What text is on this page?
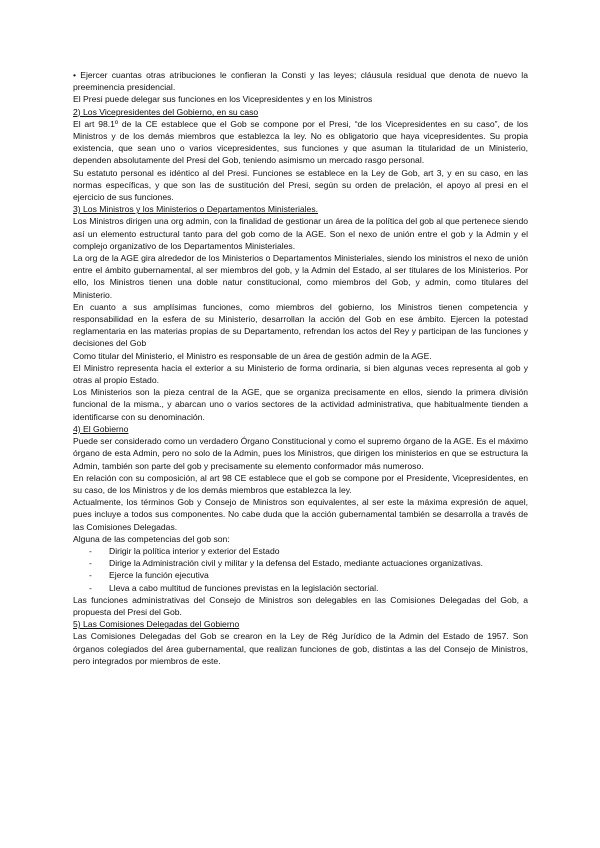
• Ejercer cuantas otras atribuciones le confieran la Consti y las leyes; cláusula residual que denota de nuevo la preeminencia presidencial.

El Presi puede delegar sus funciones en los Vicepresidentes y en los Ministros

2) Los Vicepresidentes del Gobierno, en su caso

El art 98.1º de la CE establece que el Gob se compone por el Presi, “de los Vicepresidentes en su caso”, de los Ministros y de los demás miembros que establezca la ley. No es obligatorio que haya vicepresidentes. Su propia existencia, que sean uno o varios vicepresidentes, sus funciones y que asuman la titularidad de un Ministerio, dependen absolutamente del Presi del Gob, teniendo asimismo un mercado rasgo personal.

Su estatuto personal es idéntico al del Presi. Funciones se establece en la Ley de Gob, art 3, y en su caso, en las normas específicas, y que son las de sustitución del Presi, según su orden de prelación, el apoyo al presi en el ejercicio de sus funciones.

3) Los Ministros y los Ministerios o Departamentos Ministeriales.

Los Ministros dirigen una org admin, con la finalidad de gestionar un área de la política del gob al que pertenece siendo así un elemento estructural tanto para del gob como de la AGE. Son el nexo de unión entre el gob y la Admin y el complejo organizativo de los Departamentos Ministeriales.

La org de la AGE gira alrededor de los Ministerios o Departamentos Ministeriales, siendo los ministros el nexo de unión entre el ámbito gubernamental, al ser miembros del gob, y la Admin del Estado, al ser titulares de los Ministerios. Por ello, los Ministros tienen una doble natur constitucional, como miembros del Gob, y admin, como titulares del Ministerio.

En cuanto a sus amplísimas funciones, como miembros del gobierno, los Ministros tienen competencia y responsabilidad en la esfera de su Ministerio, desarrollan la acción del Gob en ese ámbito. Ejercen la potestad reglamentaria en las materias propias de su Departamento, refrendan los actos del Rey y participan de las funciones y decisiones del Gob

Como titular del Ministerio, el Ministro es responsable de un área de gestión admin de la AGE.

El Ministro representa hacia el exterior a su Ministerio de forma ordinaria, si bien algunas veces representa al gob y otras al propio Estado.

Los Ministerios son la pieza central de la AGE, que se organiza precisamente en ellos, siendo la primera división funcional de la misma., y abarcan uno o varios sectores de la actividad administrativa, que habitualmente tienden a identificarse con su denominación.

4) El Gobierno

Puede ser considerado como un verdadero Órgano Constitucional y como el supremo órgano de la AGE. Es el máximo órgano de esta Admin, pero no solo de la Admin, pues los Ministros, que dirigen los ministerios en que se estructura la Admin, también son parte del gob y precisamente su elemento conformador más numeroso.

En relación con su composición, al art 98 CE establece que el gob se compone por el Presidente, Vicepresidentes, en su caso, de los Ministros y de los demás miembros que establezca la ley.

Actualmente, los términos Gob y Consejo de Ministros son equivalentes, al ser este la máxima expresión de aquel, pues incluye a todos sus componentes. No cabe duda que la acción gubernamental también se desarrolla a través de las Comisiones Delegadas.

Alguna de las competencias del gob son:

- Dirigir la política interior y exterior del Estado
- Dirige la Administración civil y militar y la defensa del Estado, mediante actuaciones organizativas.
- Ejerce la función ejecutiva
- Lleva a cabo multitud de funciones previstas en la legislación sectorial.

Las funciones administrativas del Consejo de Ministros son delegables en las Comisiones Delegadas del Gob, a propuesta del Presi del Gob.

5) Las Comisiones Delegadas del Gobierno

Las Comisiones Delegadas del Gob se crearon en la Ley de Rég Jurídico de la Admin del Estado de 1957. Son órganos colegiados del área gubernamental, que realizan funciones de gob, distintas a las del Consejo de Ministros, pero integrados por miembros de este.
